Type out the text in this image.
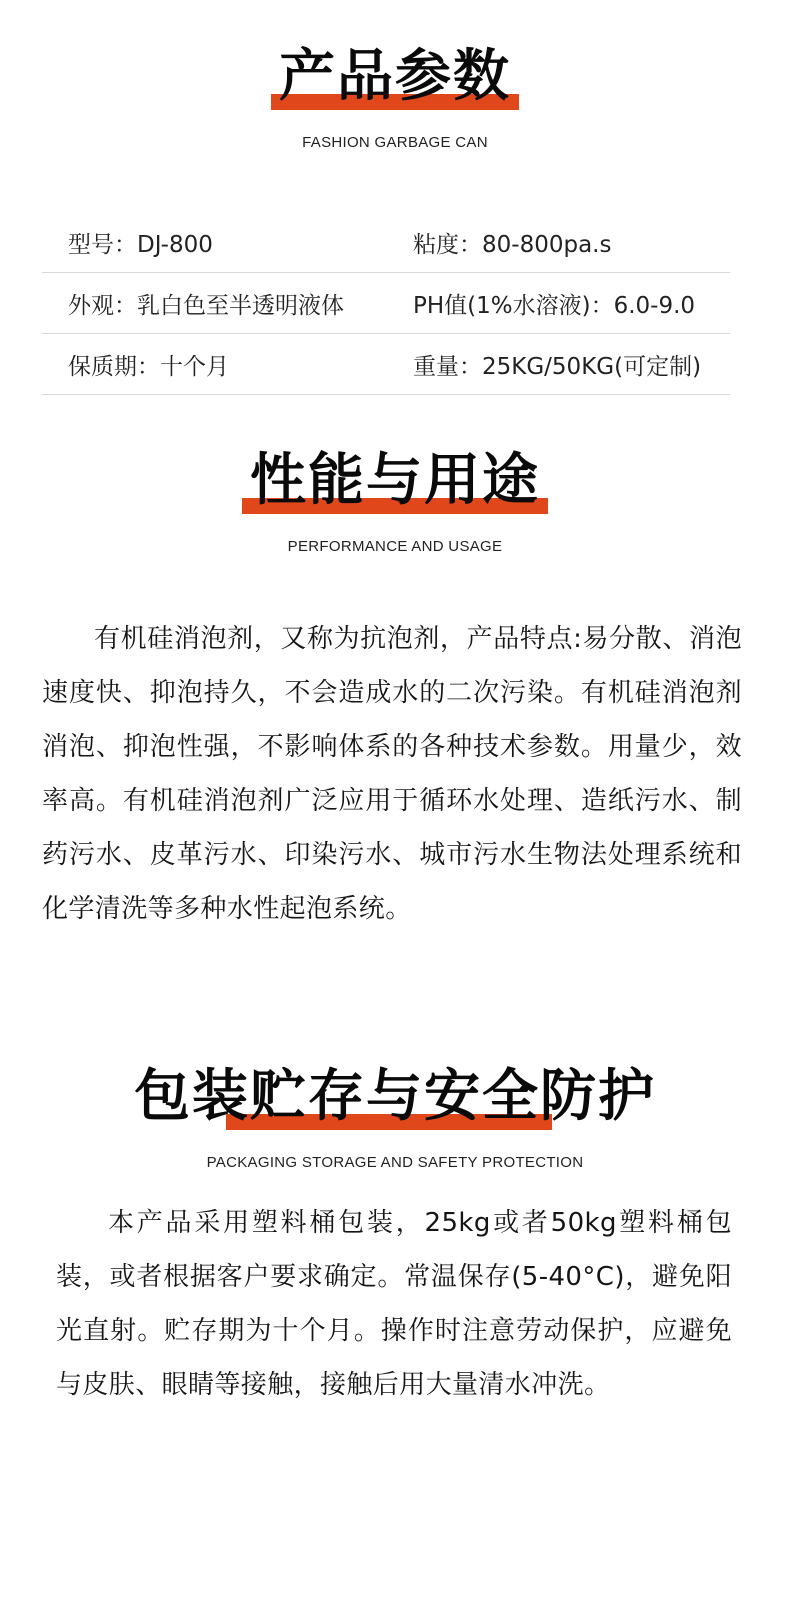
产品参数
FASHION GARBAGE CAN
型号：DJ-800	粘度：80-800pa.s
外观：乳白色至半透明液体	PH值(1%水溶液)：6.0-9.0
保质期：十个月	重量：25KG/50KG(可定制)
性能与用途
PERFORMANCE AND USAGE

有机硅消泡剂，又称为抗泡剂，产品特点:易分散、消泡速度快、抑泡持久，不会造成水的二次污染。有机硅消泡剂消泡、抑泡性强，不影响体系的各种技术参数。用量少，效率高。有机硅消泡剂广泛应用于循环水处理、造纸污水、制药污水、皮革污水、印染污水、城市污水生物法处理系统和化学清洗等多种水性起泡系统。

包装贮存与安全防护
PACKAGING STORAGE AND SAFETY PROTECTION

本产品采用塑料桶包装，25kg或者50kg塑料桶包装，或者根据客户要求确定。常温保存(5-40°C)，避免阳光直射。贮存期为十个月。操作时注意劳动保护，应避免与皮肤、眼睛等接触，接触后用大量清水冲洗。
